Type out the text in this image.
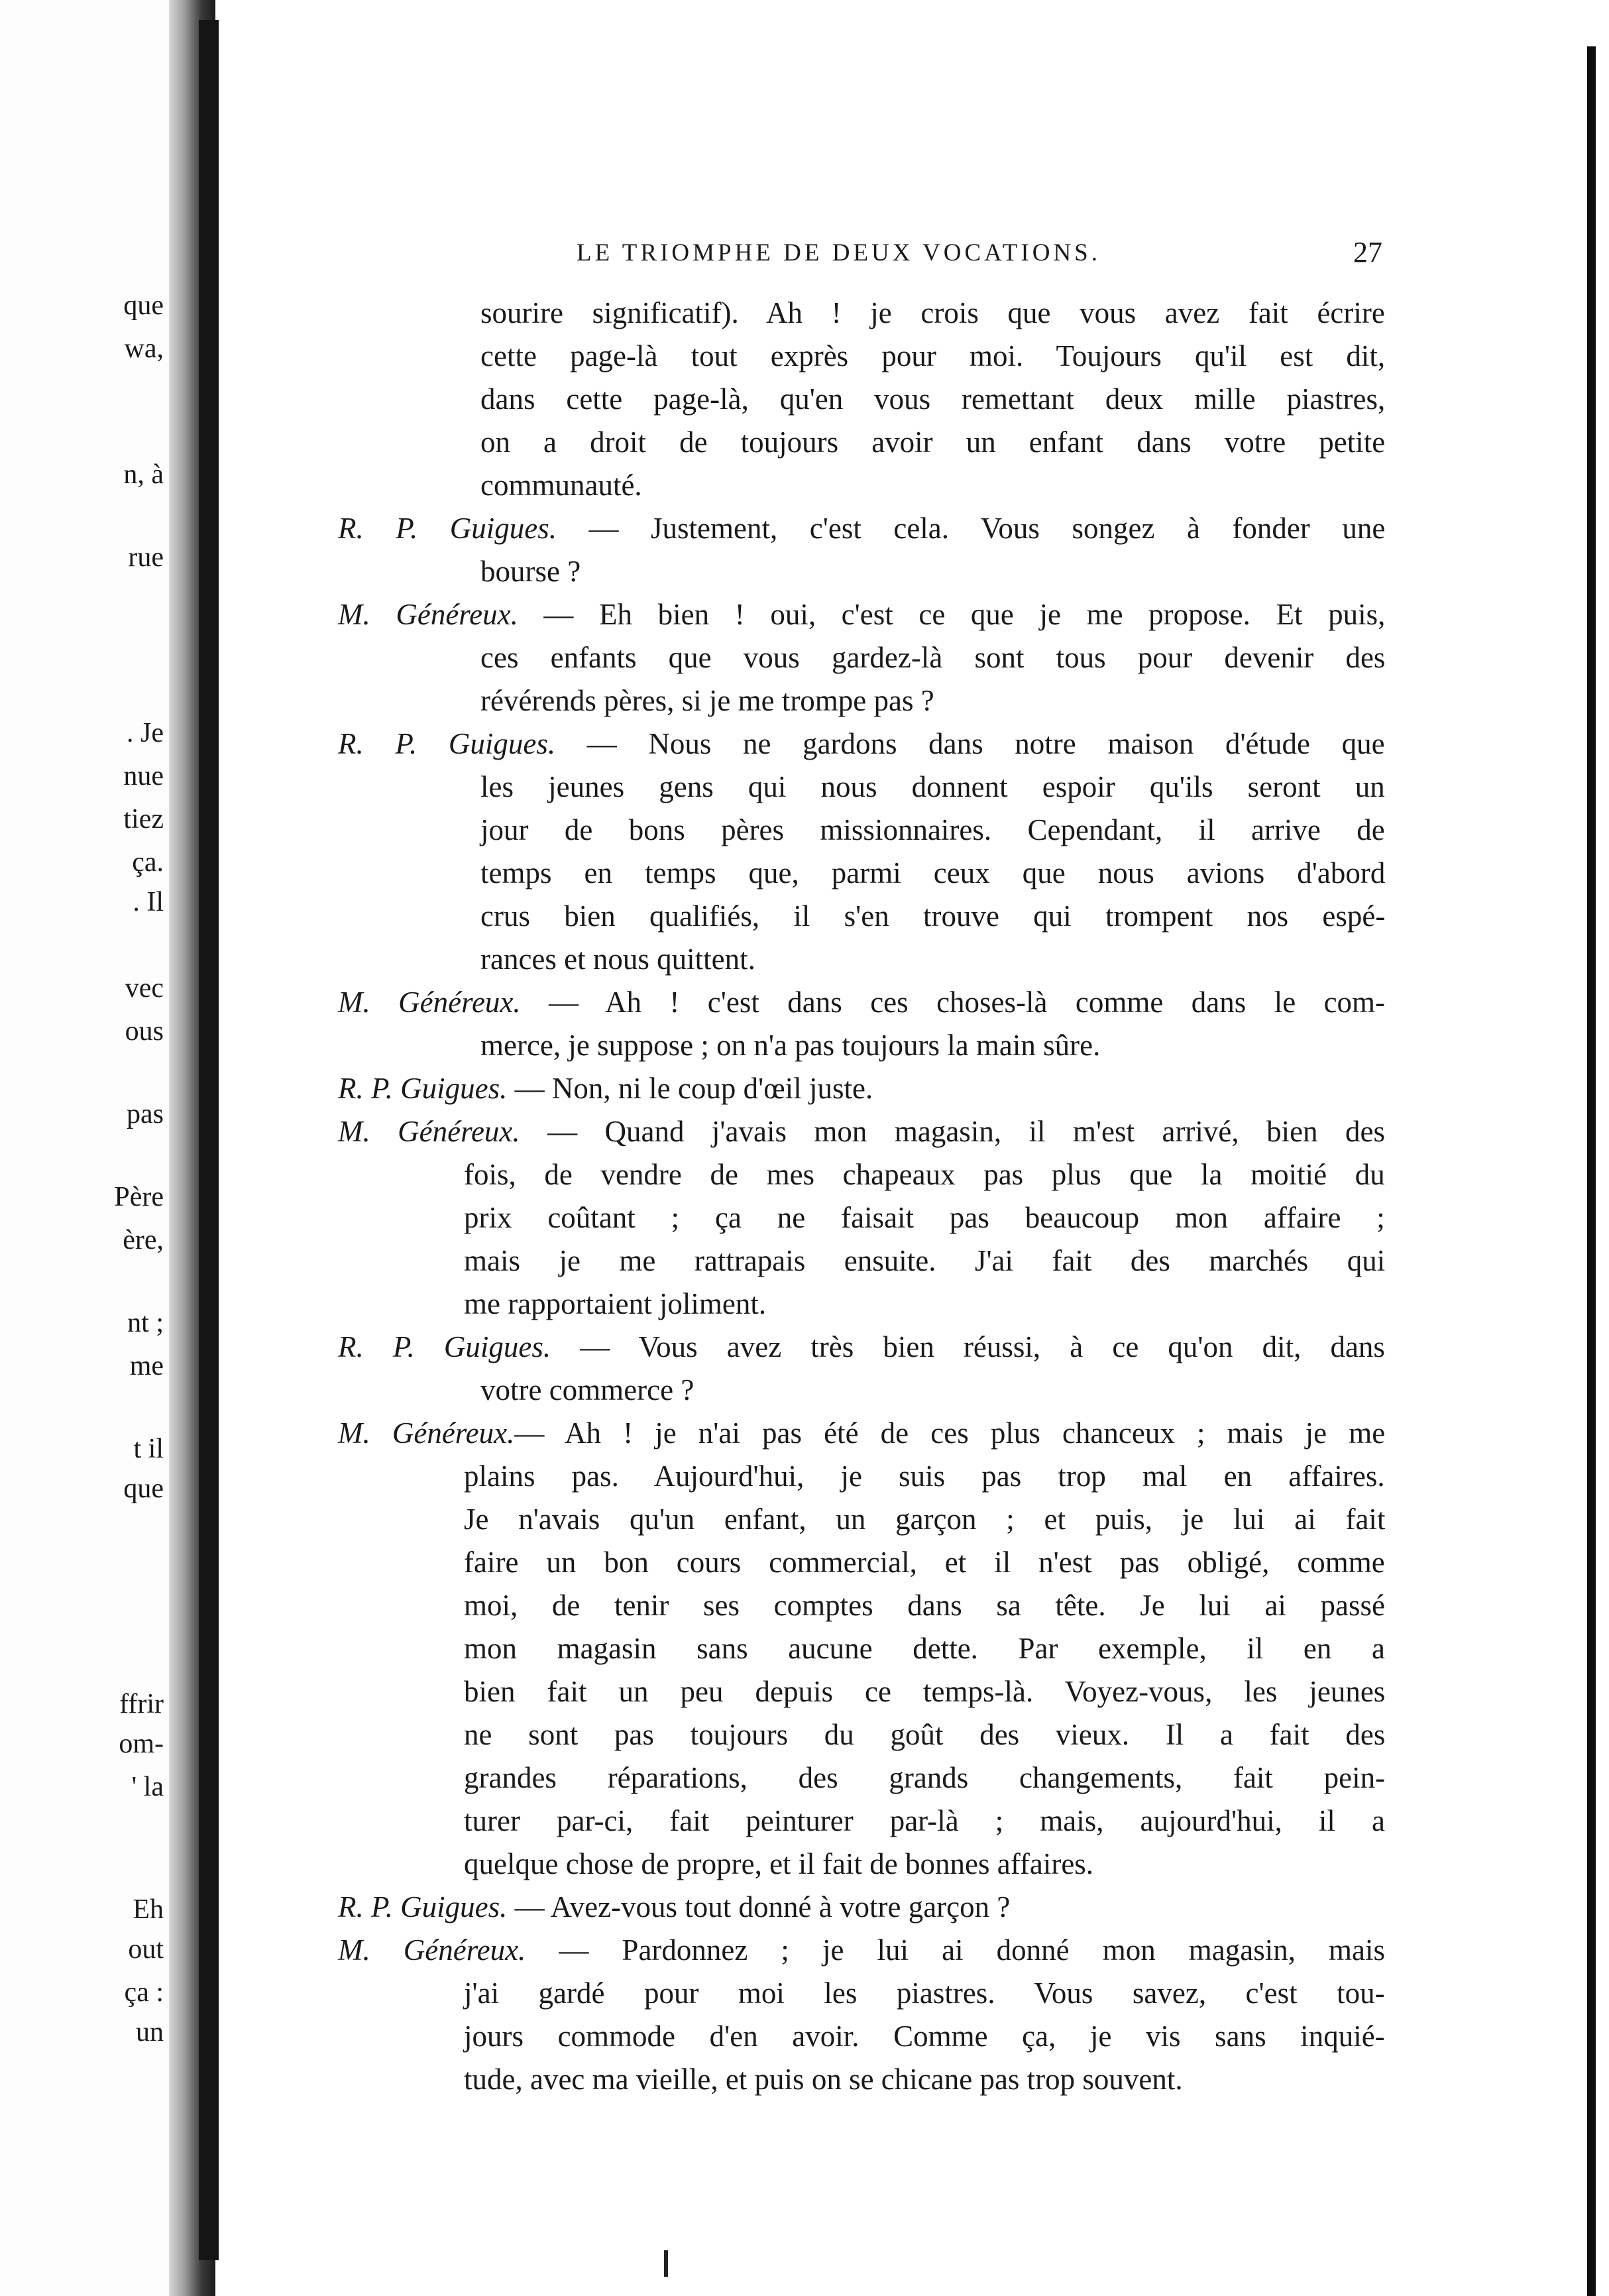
que
wa,
n, à
rue
. Je
nue
tiez
ça.
. Il
vec
ous
pas
Père
ère,
nt ;
me
t il
que
ffrir
om-
' la
Eh
out
ça :
un
LE TRIOMPHE DE DEUX VOCATIONS.	27
sourire significatif). Ah ! je crois que vous avez fait écrire
cette page-là tout exprès pour moi. Toujours qu'il est dit,
dans cette page-là, qu'en vous remettant deux mille piastres,
on a droit de toujours avoir un enfant dans votre petite
communauté.
R. P. Guigues. — Justement, c'est cela. Vous songez à fonder une
bourse ?
M. Généreux. — Eh bien ! oui, c'est ce que je me propose. Et puis,
ces enfants que vous gardez-là sont tous pour devenir des
révérends pères, si je me trompe pas ?
R. P. Guigues. — Nous ne gardons dans notre maison d'étude que
les jeunes gens qui nous donnent espoir qu'ils seront un
jour de bons pères missionnaires. Cependant, il arrive de
temps en temps que, parmi ceux que nous avions d'abord
crus bien qualifiés, il s'en trouve qui trompent nos espé-
rances et nous quittent.
M. Généreux. — Ah ! c'est dans ces choses-là comme dans le com-
merce, je suppose ; on n'a pas toujours la main sûre.
R. P. Guigues. — Non, ni le coup d'œil juste.
M. Généreux. — Quand j'avais mon magasin, il m'est arrivé, bien des
fois, de vendre de mes chapeaux pas plus que la moitié du
prix coûtant ; ça ne faisait pas beaucoup mon affaire ;
mais je me rattrapais ensuite. J'ai fait des marchés qui
me rapportaient joliment.
R. P. Guigues. — Vous avez très bien réussi, à ce qu'on dit, dans
votre commerce ?
M. Généreux.— Ah ! je n'ai pas été de ces plus chanceux ; mais je me
plains pas. Aujourd'hui, je suis pas trop mal en affaires.
Je n'avais qu'un enfant, un garçon ; et puis, je lui ai fait
faire un bon cours commercial, et il n'est pas obligé, comme
moi, de tenir ses comptes dans sa tête. Je lui ai passé
mon magasin sans aucune dette. Par exemple, il en a
bien fait un peu depuis ce temps-là. Voyez-vous, les jeunes
ne sont pas toujours du goût des vieux. Il a fait des
grandes réparations, des grands changements, fait pein-
turer par-ci, fait peinturer par-là ; mais, aujourd'hui, il a
quelque chose de propre, et il fait de bonnes affaires.
R. P. Guigues. — Avez-vous tout donné à votre garçon ?
M. Généreux. — Pardonnez ; je lui ai donné mon magasin, mais
j'ai gardé pour moi les piastres. Vous savez, c'est tou-
jours commode d'en avoir. Comme ça, je vis sans inquié-
tude, avec ma vieille, et puis on se chicane pas trop souvent.
